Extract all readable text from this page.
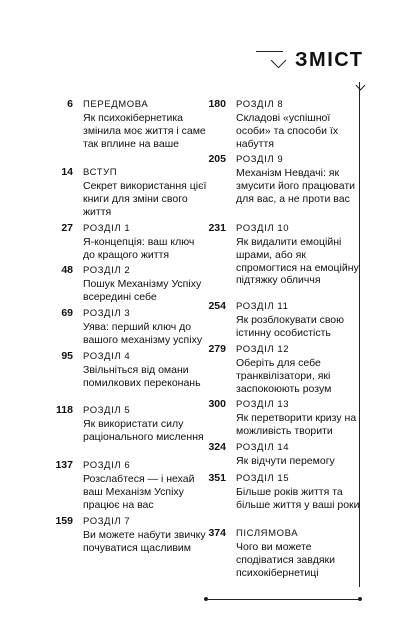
ЗМІСТ
6 ПЕРЕДМОВА
Як психокібернетика змінила моє життя і саме так вплине на ваше
14 ВСТУП
Секрет використання цієї книги для зміни свого життя
27 РОЗДІЛ 1
Я-концепція: ваш ключ до кращого життя
48 РОЗДІЛ 2
Пошук Механізму Успіху всередині себе
69 РОЗДІЛ 3
Уява: перший ключ до вашого механізму успіху
95 РОЗДІЛ 4
Звільніться від омани помилкових переконань
118 РОЗДІЛ 5
Як використати силу раціонального мислення
137 РОЗДІЛ 6
Розслабтеся — і нехай ваш Механізм Успіху працює на вас
159 РОЗДІЛ 7
Ви можете набути звичку почуватися щасливим
180 РОЗДІЛ 8
Складові «успішної особи» та способи їх набуття
205 РОЗДІЛ 9
Механізм Невдачі: як змусити його працювати для вас, а не проти вас
231 РОЗДІЛ 10
Як видалити емоційні шрами, або як спромогтися на емоційну підтяжку обличчя
254 РОЗДІЛ 11
Як розблокувати свою істинну особистість
279 РОЗДІЛ 12
Оберіть для себе транквілізатори, які заспокоюють розум
300 РОЗДІЛ 13
Як перетворити кризу на можливість творити
324 РОЗДІЛ 14
Як відчути перемогу
351 РОЗДІЛ 15
Більше років життя та більше життя у ваші роки
374 ПІСЛЯМОВА
Чого ви можете сподіватися завдяки психокібернетиці
